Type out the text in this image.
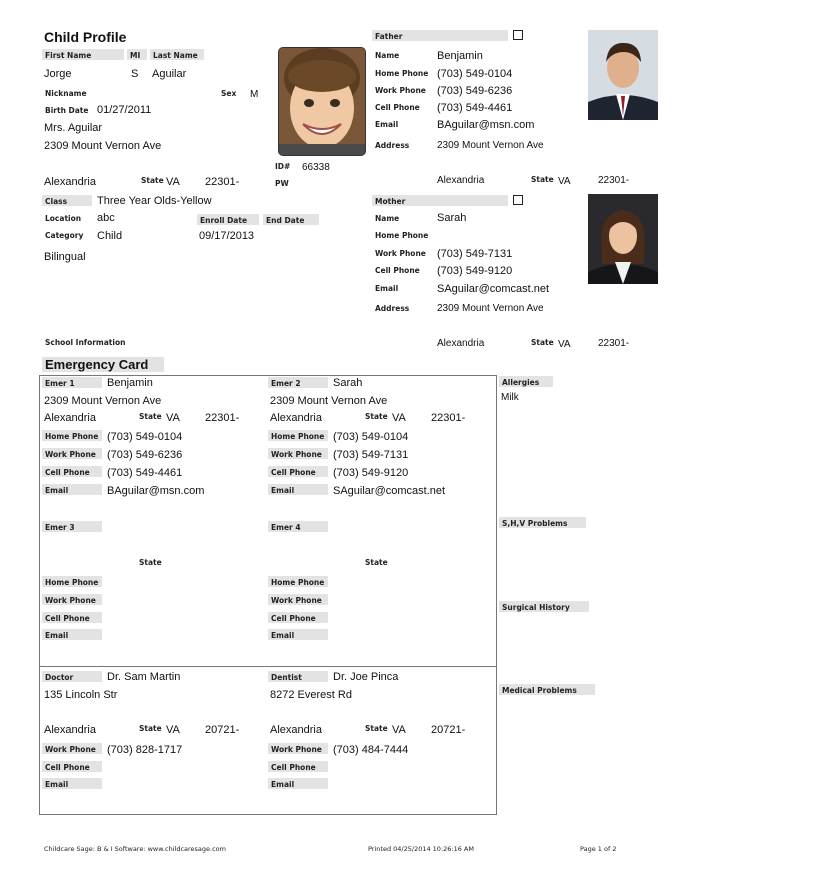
Child Profile
First Name	MI	Last Name
Jorge	S Aguilar
Nickname	Sex	M
Birth Date 01/27/2011
Mrs. Aguilar
2309 Mount Vernon Ave
ID#	66338
PW
Alexandria	State VA 22301-
Class	Three Year Olds-Yellow
Location abc	Enroll Date	End Date
Category Child	09/17/2013
Bilingual
Father
Name	Benjamin
Home Phone (703) 549-0104
Work Phone (703) 549-6236
Cell Phone (703) 549-4461
Email	BAguilar@msn.com
Address	2309 Mount Vernon Ave
Alexandria	State VA	22301-
Mother
Name	Sarah
Home Phone
Work Phone (703) 549-7131
Cell Phone (703) 549-9120
Email	SAguilar@comcast.net
Address	2309 Mount Vernon Ave
Alexandria	State VA	22301-
School Information
Emergency Card
Emer 1	Benjamin
2309 Mount Vernon Ave
Alexandria	State VA 22301-
Home Phone (703) 549-0104
Work Phone	(703) 549-6236
Cell Phone	(703) 549-4461
Email	BAguilar@msn.com
Emer 2	Sarah
2309 Mount Vernon Ave
Alexandria	State VA 22301-
Home Phone (703) 549-0104
Work Phone	(703) 549-7131
Cell Phone	(703) 549-9120
Email	SAguilar@comcast.net
Emer 3
State
Home Phone
Work Phone
Cell Phone
Email
Emer 4
State
Home Phone
Work Phone
Cell Phone
Email
Doctor	Dr. Sam Martin
135 Lincoln Str
Alexandria	State VA 20721-
Work Phone	(703) 828-1717
Cell Phone
Email
Dentist	Dr. Joe Pinca
8272 Everest Rd
Alexandria	State VA 20721-
Work Phone	(703) 484-7444
Cell Phone
Email
Allergies
Milk
S,H,V Problems
Surgical History
Medical Problems
Childcare Sage: B & I Software: www.childcaresage.com	Printed 04/25/2014 10:26:16 AM	Page 1 of 2
